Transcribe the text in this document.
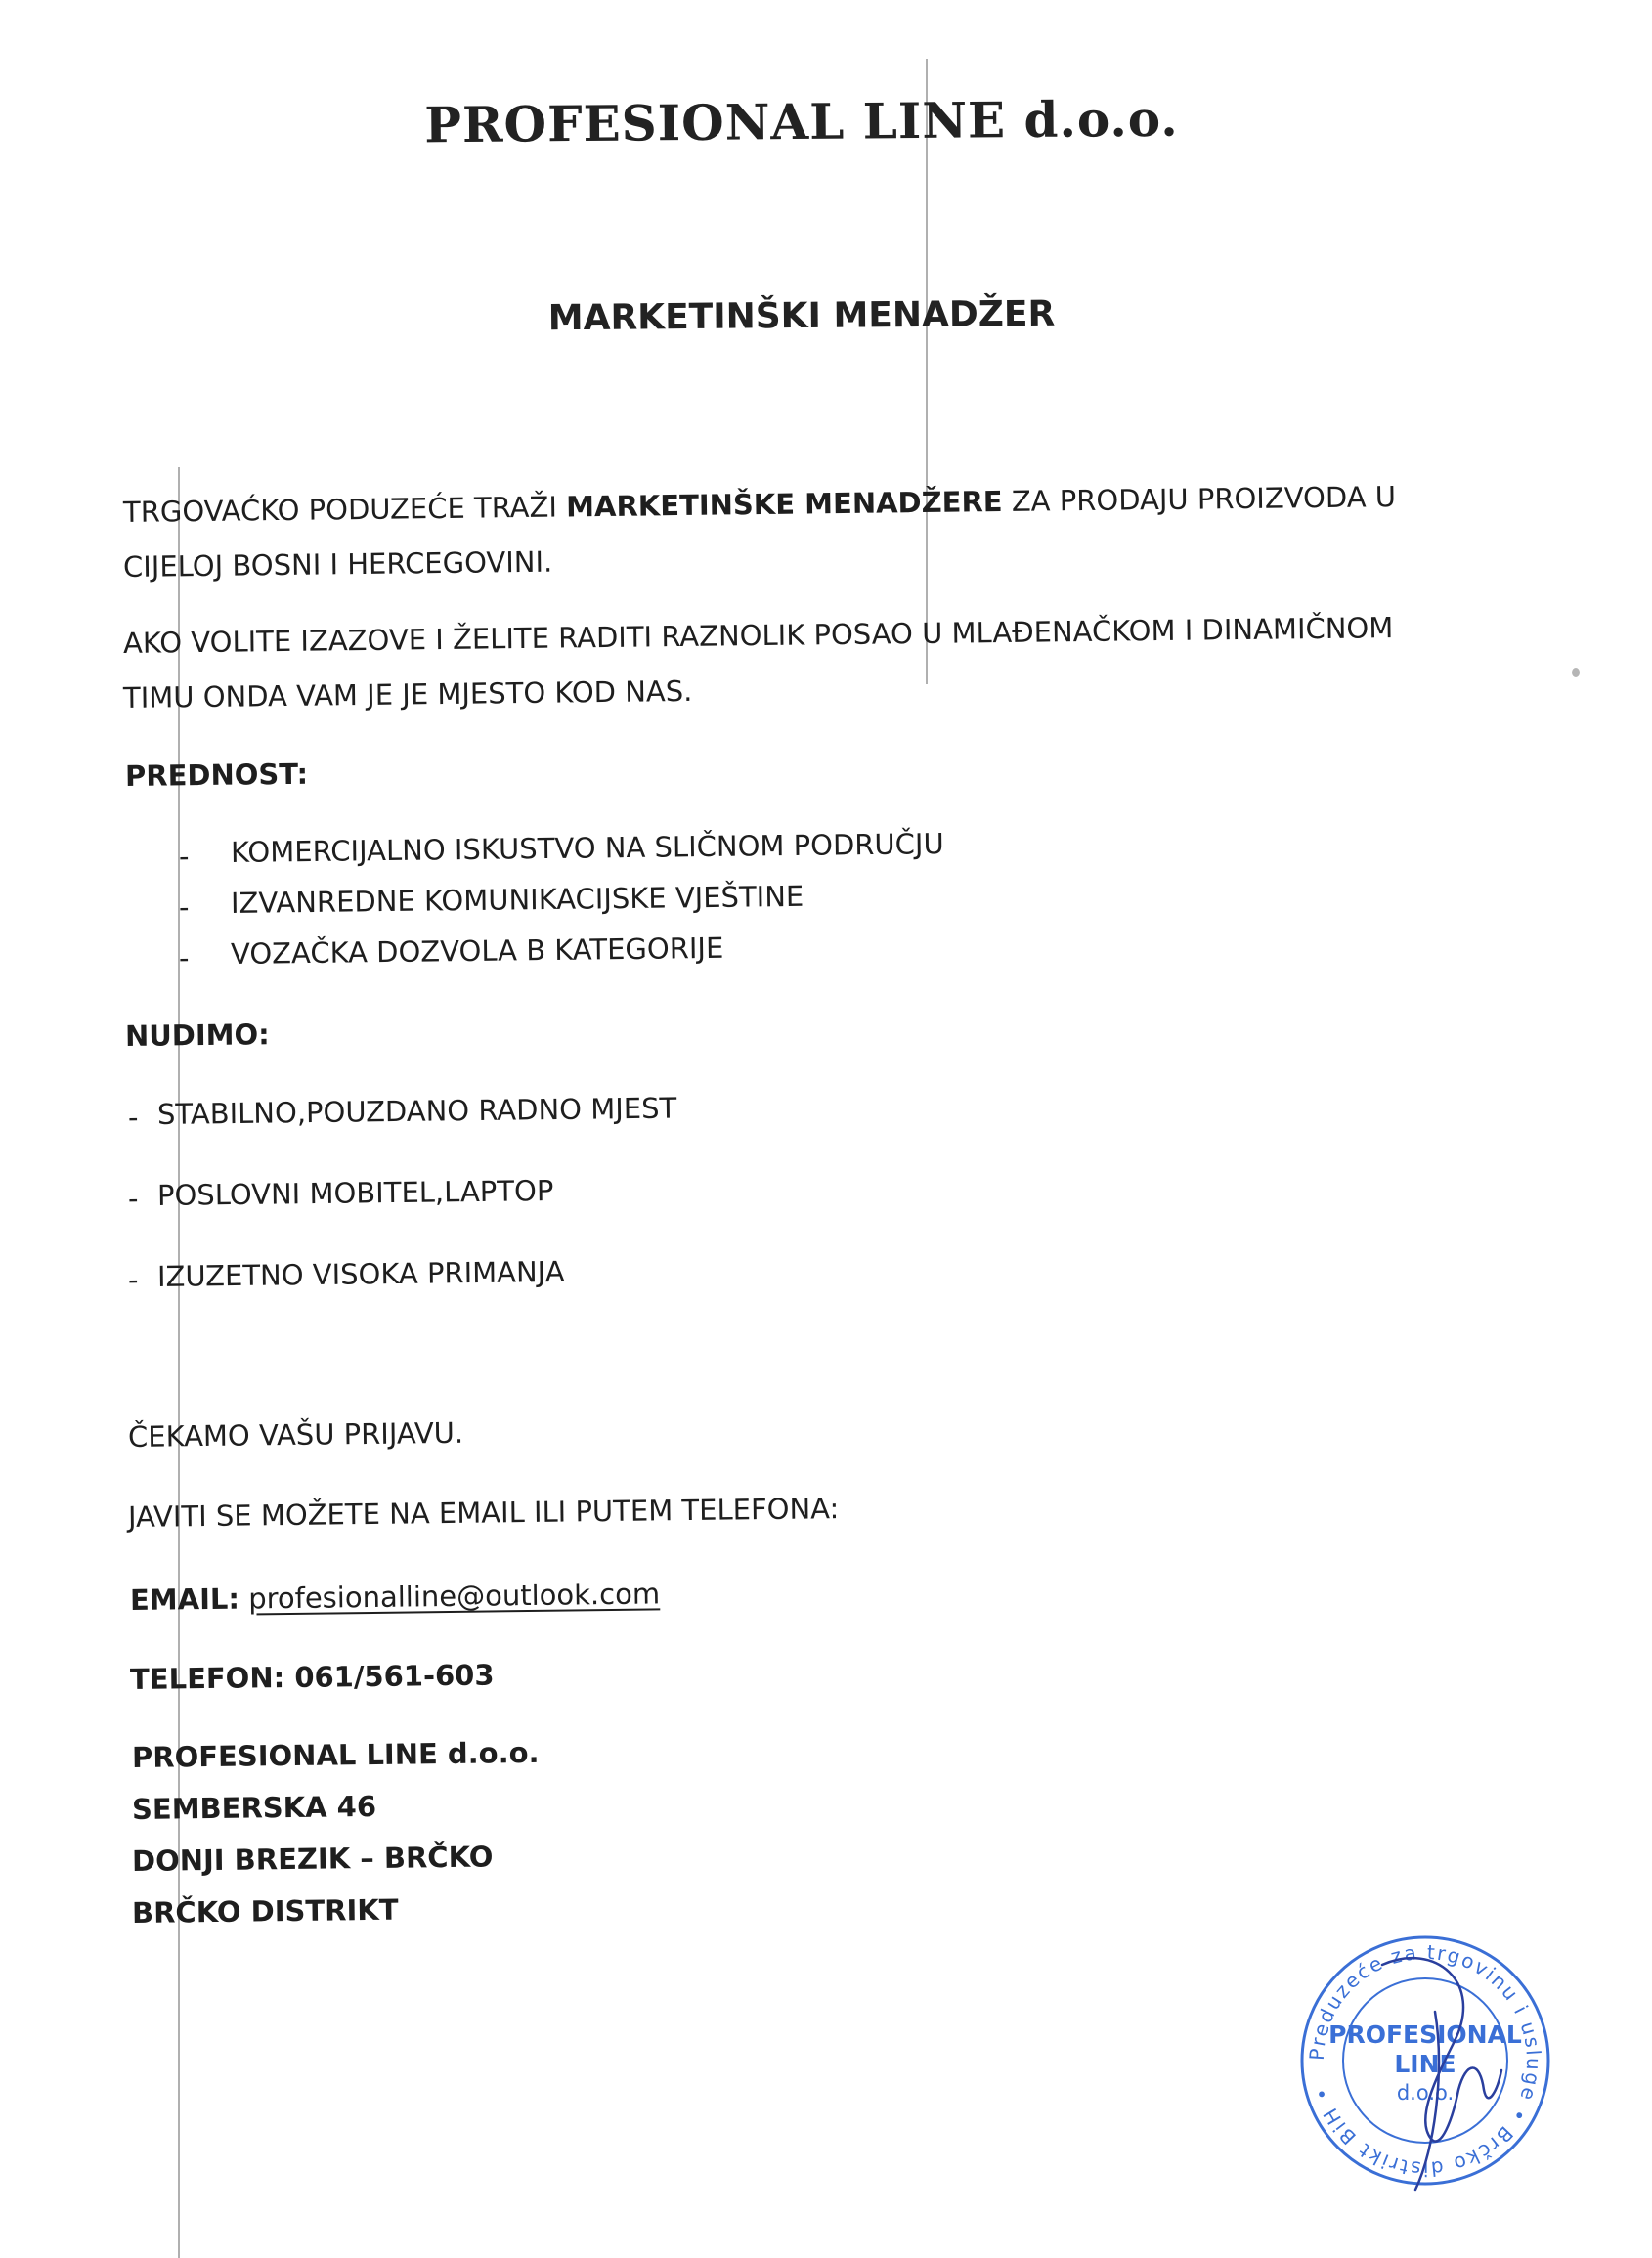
PROFESIONAL LINE d.o.o.
MARKETINŠKI MENADŽER
TRGOVAĆKO PODUZEĆE TRAŽI MARKETINŠKE MENADŽERE ZA PRODAJU PROIZVODA U
CIJELOJ BOSNI I HERCEGOVINI.
AKO VOLITE IZAZOVE I ŽELITE RADITI RAZNOLIK POSAO U MLAĐENAČKOM I DINAMIČNOM
TIMU ONDA VAM JE JE MJESTO KOD NAS.
PREDNOST:
- KOMERCIJALNO ISKUSTVO NA SLIČNOM PODRUČJU
- IZVANREDNE KOMUNIKACIJSKE VJEŠTINE
- VOZAČKA DOZVOLA B KATEGORIJE
NUDIMO:
- STABILNO,POUZDANO RADNO MJEST
- POSLOVNI MOBITEL,LAPTOP
- IZUZETNO VISOKA PRIMANJA
ČEKAMO VAŠU PRIJAVU.
JAVITI SE MOŽETE NA EMAIL ILI PUTEM TELEFONA:
EMAIL: profesionalline@outlook.com
TELEFON: 061/561-603
PROFESIONAL LINE d.o.o.
SEMBERSKA 46
DONJI BREZIK – BRČKO
BRČKO DISTRIKT
Preduzeće za trgovinu i usluge • Brčko distrikt BiH •
PROFESIONAL
LINE
d.o.o.
